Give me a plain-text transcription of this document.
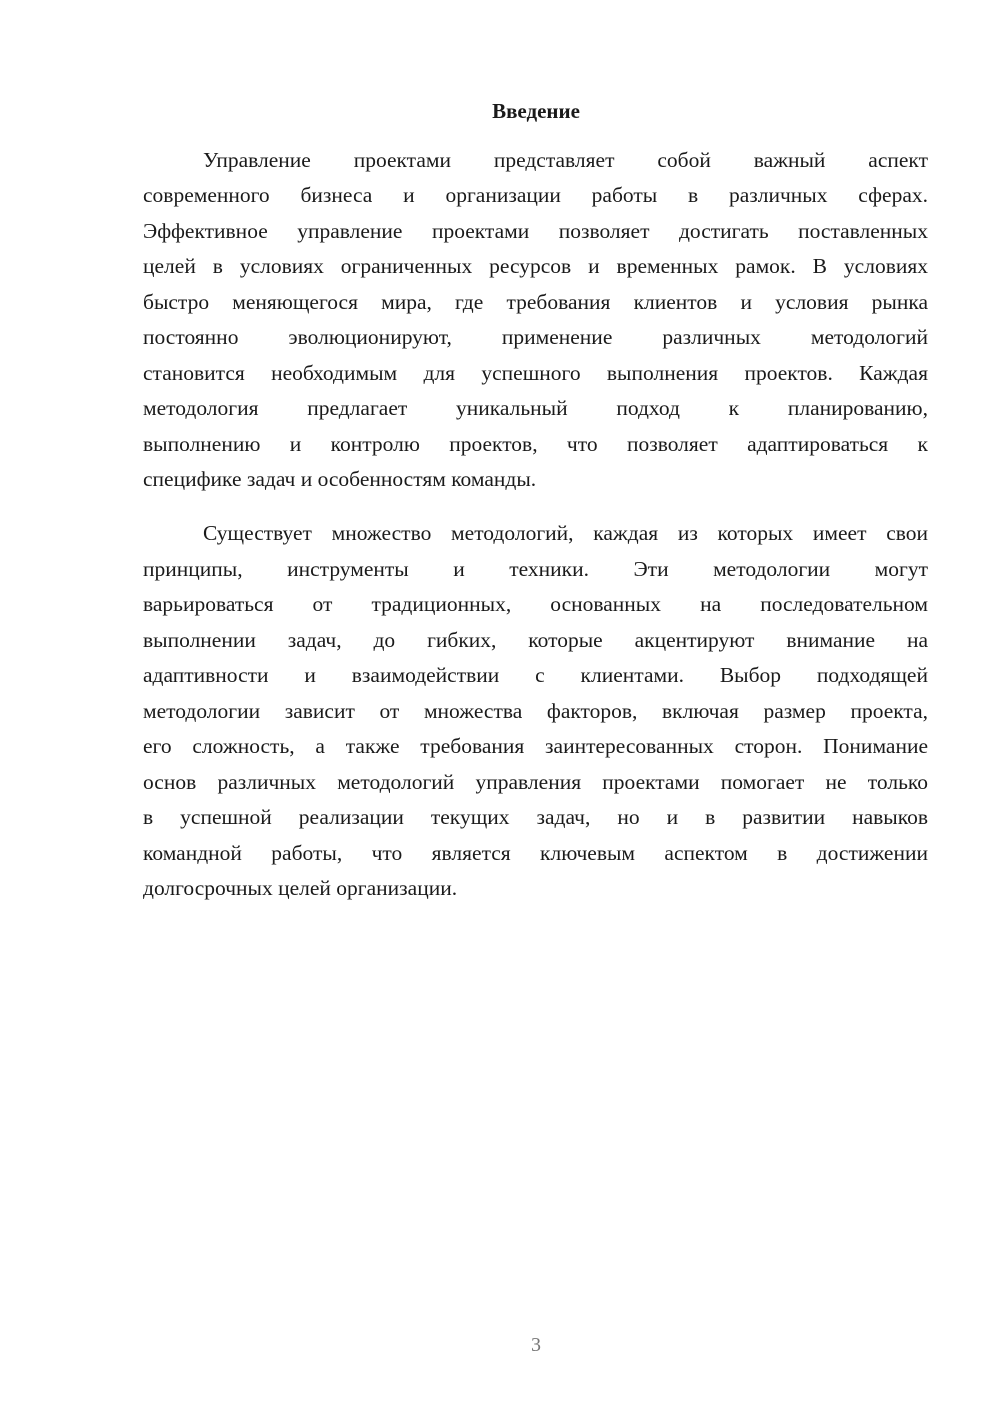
Введение
Управление проектами представляет собой важный аспект
современного бизнеса и организации работы в различных сферах.
Эффективное управление проектами позволяет достигать поставленных
целей в условиях ограниченных ресурсов и временных рамок. В условиях
быстро меняющегося мира, где требования клиентов и условия рынка
постоянно эволюционируют, применение различных методологий
становится необходимым для успешного выполнения проектов. Каждая
методология предлагает уникальный подход к планированию,
выполнению и контролю проектов, что позволяет адаптироваться к
специфике задач и особенностям команды.
Существует множество методологий, каждая из которых имеет свои
принципы, инструменты и техники. Эти методологии могут
варьироваться от традиционных, основанных на последовательном
выполнении задач, до гибких, которые акцентируют внимание на
адаптивности и взаимодействии с клиентами. Выбор подходящей
методологии зависит от множества факторов, включая размер проекта,
его сложность, а также требования заинтересованных сторон. Понимание
основ различных методологий управления проектами помогает не только
в успешной реализации текущих задач, но и в развитии навыков
командной работы, что является ключевым аспектом в достижении
долгосрочных целей организации.
3
